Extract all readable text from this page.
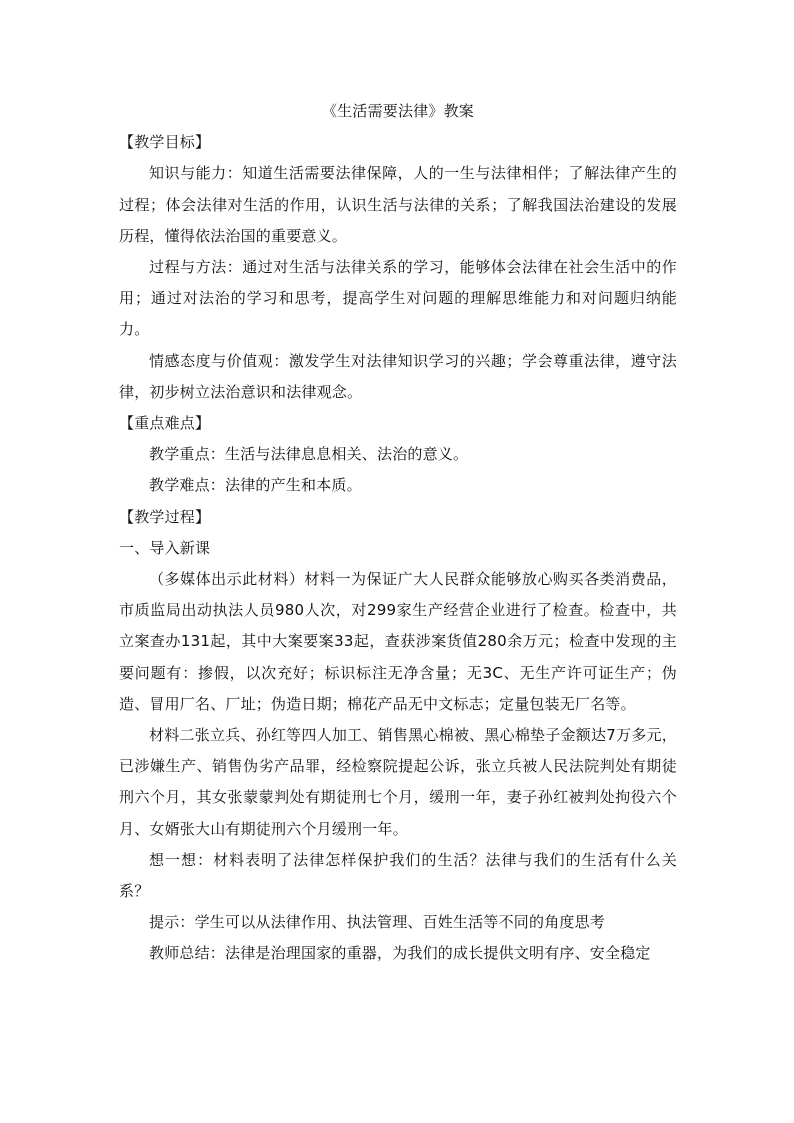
《生活需要法律》教案
【教学目标】

知识与能力：知道生活需要法律保障，人的一生与法律相伴；了解法律产生的过程；体会法律对生活的作用，认识生活与法律的关系；了解我国法治建设的发展历程，懂得依法治国的重要意义。

过程与方法：通过对生活与法律关系的学习，能够体会法律在社会生活中的作用；通过对法治的学习和思考，提高学生对问题的理解思维能力和对问题归纳能力。

情感态度与价值观：激发学生对法律知识学习的兴趣；学会尊重法律，遵守法律，初步树立法治意识和法律观念。

【重点难点】

教学重点：生活与法律息息相关、法治的意义。

教学难点：法律的产生和本质。

【教学过程】

一、导入新课

（多媒体出示此材料）材料一为保证广大人民群众能够放心购买各类消费品，市质监局出动执法人员980人次，对299家生产经营企业进行了检查。检查中，共立案查办131起，其中大案要案33起，查获涉案货值280余万元；检查中发现的主要问题有：掺假，以次充好；标识标注无净含量；无3C、无生产许可证生产；伪造、冒用厂名、厂址；伪造日期；棉花产品无中文标志；定量包装无厂名等。

材料二张立兵、孙红等四人加工、销售黑心棉被、黑心棉垫子金额达7万多元，已涉嫌生产、销售伪劣产品罪，经检察院提起公诉，张立兵被人民法院判处有期徒刑六个月，其女张蒙蒙判处有期徒刑七个月，缓刑一年，妻子孙红被判处拘役六个月、女婿张大山有期徒刑六个月缓刑一年。

想一想：材料表明了法律怎样保护我们的生活？法律与我们的生活有什么关系？

提示：学生可以从法律作用、执法管理、百姓生活等不同的角度思考

教师总结：法律是治理国家的重器，为我们的成长提供文明有序、安全稳定
